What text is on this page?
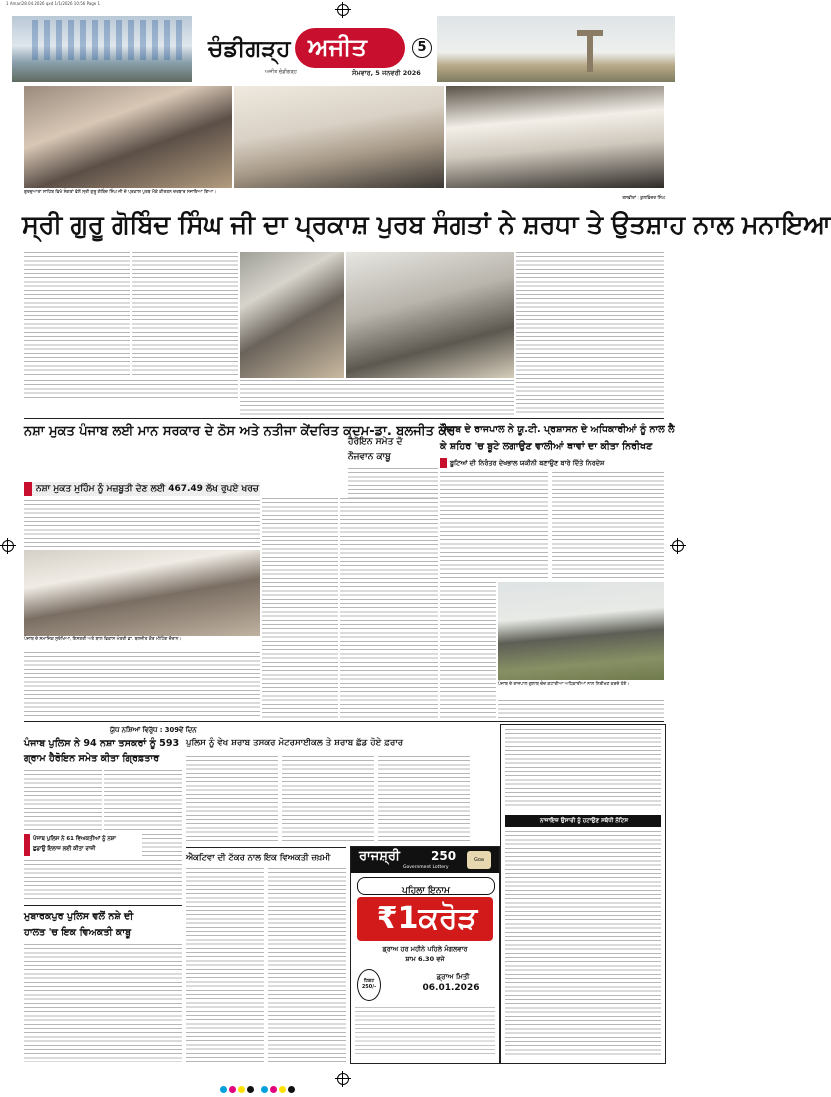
1 Amari28.04.2026 qxd 1/1/2026 10:56 Page 1
ਚੰਡੀਗੜ੍ਹ ਅਜੀਤ
ਅਜੀਤ ਚੰਡੀਗੜ੍ਹ	ਸੋਮਵਾਰ, 5 ਜਨਵਰੀ 2026
5
ਗੁਰਦੁਆਰਾ ਸਾਹਿਬ ਵਿਖੇ ਸੰਗਤਾਂ ਵੱਲੋਂ ਸ੍ਰੀ ਗੁਰੂ ਗੋਬਿੰਦ ਸਿੰਘ ਜੀ ਦੇ ਪ੍ਰਕਾਸ਼ ਪੁਰਬ ਮੌਕੇ ਕੀਰਤਨ ਦਰਬਾਰ ਸਜਾਇਆ ਗਿਆ।
ਤਸਵੀਰਾਂ : ਕੁਲਵਿੰਦਰ ਸਿੰਘ
ਸ੍ਰੀ ਗੁਰੂ ਗੋਬਿੰਦ ਸਿੰਘ ਜੀ ਦਾ ਪ੍ਰਕਾਸ਼ ਪੁਰਬ ਸੰਗਤਾਂ ਨੇ ਸ਼ਰਧਾ ਤੇ ਉਤਸ਼ਾਹ ਨਾਲ ਮਨਾਇਆ
ਨਸ਼ਾ ਮੁਕਤ ਪੰਜਾਬ ਲਈ ਮਾਨ ਸਰਕਾਰ ਦੇ ਠੋਸ ਅਤੇ ਨਤੀਜਾ ਕੇਂਦਰਿਤ ਕਦਮ-ਡਾ. ਬਲਜੀਤ ਕੌਰ
ਨਸ਼ਾ ਮੁਕਤ ਮੁਹਿੰਮ ਨੂੰ ਮਜ਼ਬੂਤੀ ਦੇਣ ਲਈ 467.49 ਲੱਖ ਰੁਪਏ ਖਰਚ
ਪੰਜਾਬ ਦੇ ਸਮਾਜਿਕ ਸੁਰੱਖਿਆ, ਇਸਤਰੀ ਅਤੇ ਬਾਲ ਵਿਕਾਸ ਮੰਤਰੀ ਡਾ. ਬਲਜੀਤ ਕੌਰ ਮੀਟਿੰਗ ਦੌਰਾਨ।
ਹੈਰੋਇਨ ਸਮੇਤ ਦੋ
ਨੌਜਵਾਨ ਕਾਬੂ
ਪੰਜਾਬ ਦੇ ਰਾਜਪਾਲ ਨੇ ਯੂ.ਟੀ. ਪ੍ਰਸ਼ਾਸਨ ਦੇ ਅਧਿਕਾਰੀਆਂ ਨੂੰ ਨਾਲ ਲੈ
ਕੇ ਸ਼ਹਿਰ 'ਚ ਬੂਟੇ ਲਗਾਉਣ ਵਾਲੀਆਂ ਥਾਵਾਂ ਦਾ ਕੀਤਾ ਨਿਰੀਖਣ
ਬੂਟਿਆਂ ਦੀ ਨਿਰੰਤਰ ਦੇਖਭਾਲ ਯਕੀਨੀ ਬਣਾਉਣ ਬਾਰੇ ਦਿੱਤੇ ਨਿਰਦੇਸ਼
ਪੰਜਾਬ ਦੇ ਰਾਜਪਾਲ ਗੁਲਾਬ ਚੰਦ ਕਟਾਰੀਆ ਅਧਿਕਾਰੀਆਂ ਨਾਲ ਨਿਰੀਖਣ ਕਰਦੇ ਹੋਏ।
ਯੁੱਧ ਨਸ਼ਿਆਂ ਵਿਰੁੱਧ : 309ਵੇਂ ਦਿਨ
ਪੰਜਾਬ ਪੁਲਿਸ ਨੇ 94 ਨਸ਼ਾ ਤਸਕਰਾਂ ਨੂੰ 593
ਗ੍ਰਾਮ ਹੈਰੋਇਨ ਸਮੇਤ ਕੀਤਾ ਗ੍ਰਿਫ਼ਤਾਰ
ਪੰਜਾਬ ਪੁਲਿਸ ਨੇ 61 ਵਿਅਕਤੀਆਂ ਨੂੰ ਨਸ਼ਾ
ਛੁਡਾਊ ਇਲਾਜ ਲਈ ਕੀਤਾ ਰਾਜ਼ੀ
ਮੁਬਾਰਕਪੁਰ ਪੁਲਿਸ ਵਲੋਂ ਨਸ਼ੇ ਦੀ
ਹਾਲਤ 'ਚ ਇਕ ਵਿਅਕਤੀ ਕਾਬੂ
ਪੁਲਿਸ ਨੂੰ ਵੇਖ ਸ਼ਰਾਬ ਤਸਕਰ ਮੋਟਰਸਾਈਕਲ ਤੇ ਸ਼ਰਾਬ ਛੱਡ ਹੋਏ ਫ਼ਰਾਰ
ਐਕਟਿਵਾ ਦੀ ਟੱਕਰ ਨਾਲ ਇਕ ਵਿਅਕਤੀ ਜ਼ਖ਼ਮੀ	ਰਾਜਸ਼੍ਰੀ	250
Government Lottery
Goa
ਪਹਿਲਾ ਇਨਾਮ
₹1ਕਰੋੜ
ਡ੍ਰਾਅ ਹਰ ਮਹੀਨੇ ਪਹਿਲੇ ਮੰਗਲਵਾਰ
ਸ਼ਾਮ 6.30 ਵਜੇ
ਟਿਕਟ
250/-
ਡ੍ਰਾਅ ਮਿਤੀ
06.01.2026
ਨਾਜਾਇਜ਼ ਉਸਾਰੀ ਨੂੰ ਹਟਾਉਣ ਸਬੰਧੀ ਨੋਟਿਸ
